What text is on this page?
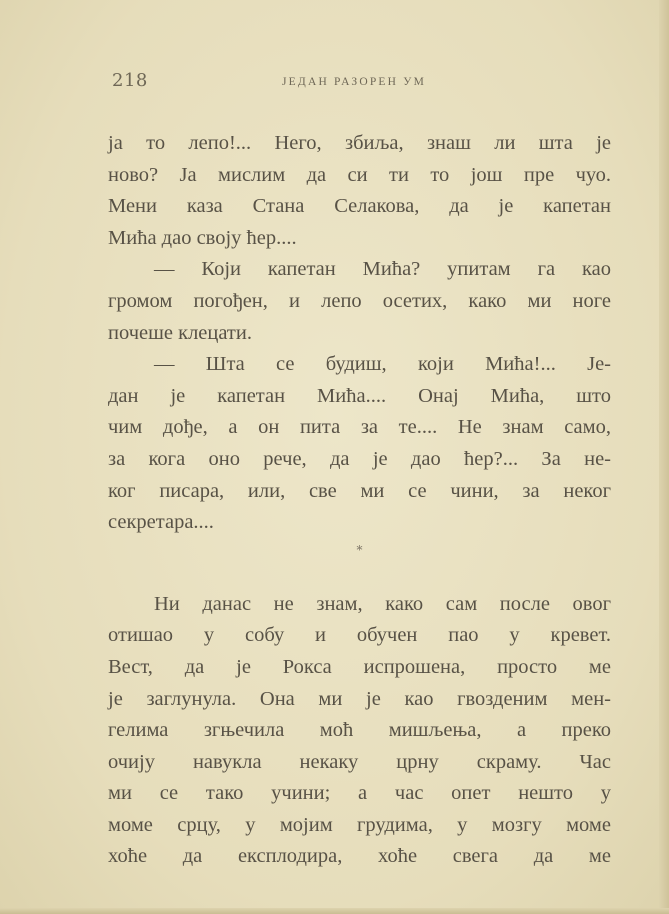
218	ЈЕДАН РАЗОРЕН УМ
ја то лепо!... Него, збиља, знаш ли шта је
ново? Ја мислим да си ти то још пре чуо.
Мени каза Стана Селакова, да је капетан
Мића дао своју ћер....
— Који капетан Мића? упитам га као
громом погођен, и лепо осетих, како ми ноге
почеше клецати.
— Шта се будиш, који Мића!... Је-
дан је капетан Мића.... Онај Мића, што
чим дође, а он пита за те.... Не знам само,
за кога оно рече, да је дао ћер?... За не-
ког писара, или, све ми се чини, за неког
секретара....
*
Ни данас не знам, како сам после овог
отишао у собу и обучен пао у кревет.
Вест, да је Рокса испрошена, просто ме
је заглунула. Она ми је као гвозденим мен-
гелима згњечила моћ мишљења, а преко
очију навукла некаку црну скраму. Час
ми се тако учини; а час опет нешто у
моме срцу, у мојим грудима, у мозгу моме
хоће да експлодира, хоће свега да ме
